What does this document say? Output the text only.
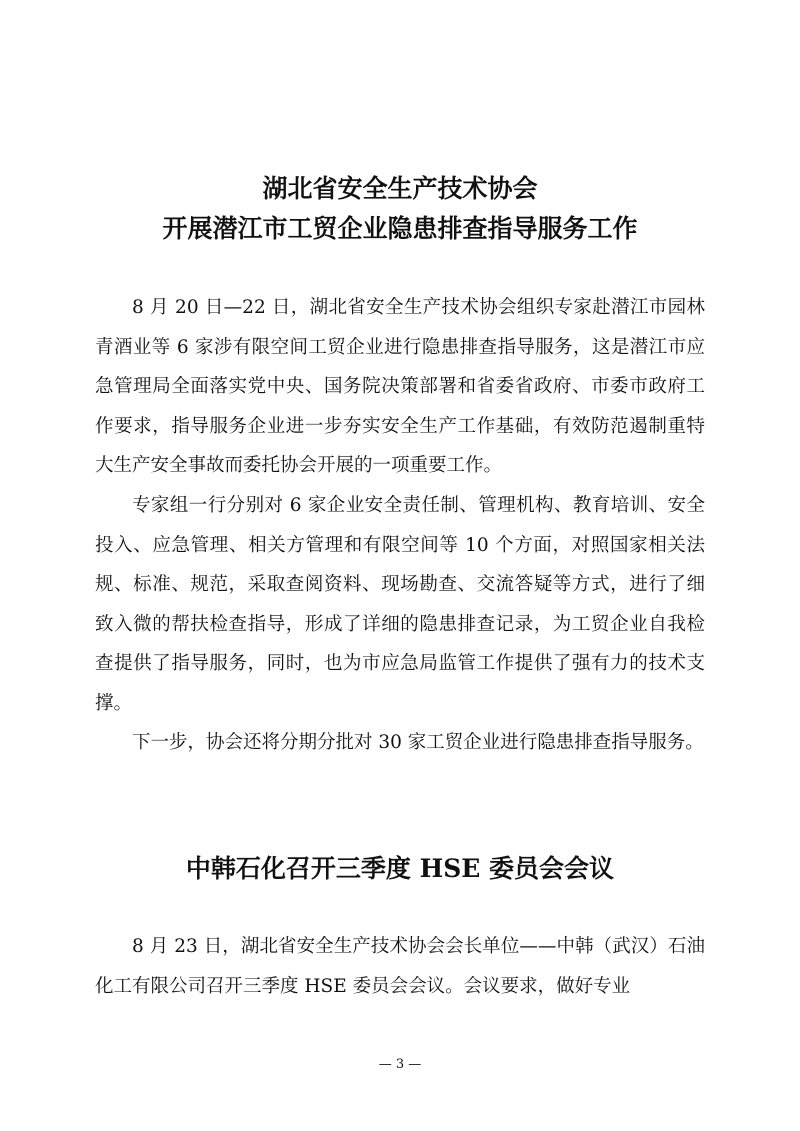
湖北省安全生产技术协会
开展潜江市工贸企业隐患排查指导服务工作

8 月 20 日—22 日，湖北省安全生产技术协会组织专家赴潜江市园林青酒业等 6 家涉有限空间工贸企业进行隐患排查指导服务，这是潜江市应急管理局全面落实党中央、国务院决策部署和省委省政府、市委市政府工作要求，指导服务企业进一步夯实安全生产工作基础，有效防范遏制重特大生产安全事故而委托协会开展的一项重要工作。

专家组一行分别对 6 家企业安全责任制、管理机构、教育培训、安全投入、应急管理、相关方管理和有限空间等 10 个方面，对照国家相关法规、标准、规范，采取查阅资料、现场勘查、交流答疑等方式，进行了细致入微的帮扶检查指导，形成了详细的隐患排查记录，为工贸企业自我检查提供了指导服务，同时，也为市应急局监管工作提供了强有力的技术支撑。

下一步，协会还将分期分批对 30 家工贸企业进行隐患排查指导服务。

中韩石化召开三季度 HSE 委员会会议

8 月 23 日，湖北省安全生产技术协会会长单位——中韩（武汉）石油化工有限公司召开三季度 HSE 委员会会议。会议要求，做好专业

— 3 —
